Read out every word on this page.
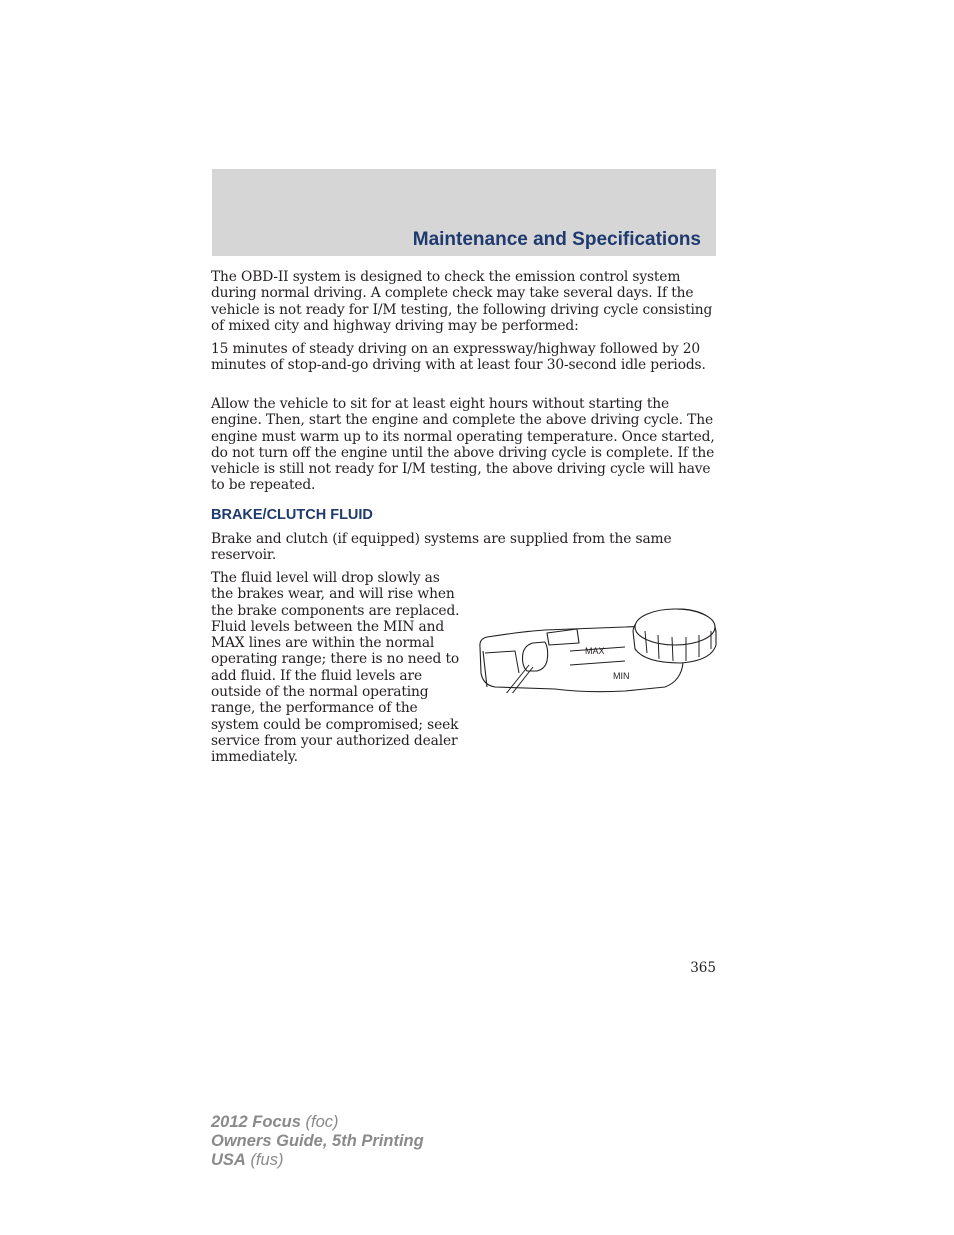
Maintenance and Specifications

The OBD-II system is designed to check the emission control system during normal driving. A complete check may take several days. If the vehicle is not ready for I/M testing, the following driving cycle consisting of mixed city and highway driving may be performed:

15 minutes of steady driving on an expressway/highway followed by 20 minutes of stop-and-go driving with at least four 30-second idle periods.

Allow the vehicle to sit for at least eight hours without starting the engine. Then, start the engine and complete the above driving cycle. The engine must warm up to its normal operating temperature. Once started, do not turn off the engine until the above driving cycle is complete. If the vehicle is still not ready for I/M testing, the above driving cycle will have to be repeated.

BRAKE/CLUTCH FLUID

Brake and clutch (if equipped) systems are supplied from the same reservoir.

The fluid level will drop slowly as the brakes wear, and will rise when the brake components are replaced. Fluid levels between the MIN and MAX lines are within the normal operating range; there is no need to add fluid. If the fluid levels are outside of the normal operating range, the performance of the system could be compromised; seek service from your authorized dealer immediately.

MAX
MIN
365
2012 Focus (foc)
Owners Guide, 5th Printing
USA (fus)
